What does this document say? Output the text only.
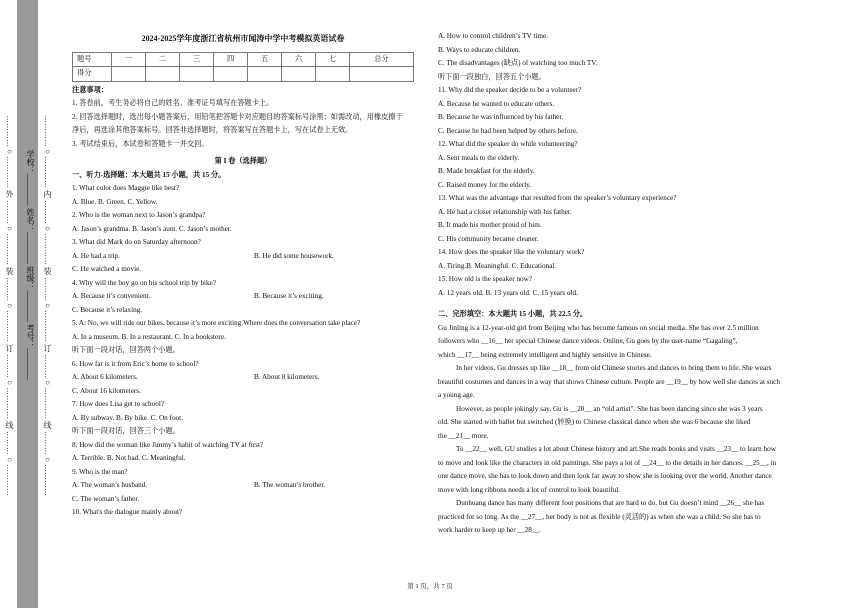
…………○………… 外 ………○………… 装 ………○………… 订 ………○………… 线 ………○………… 学校：________ 姓名：________ 班级：________ 考号：________ …………○………… 内 ………○………… 装 ………○………… 订 ………○………… 线 ………○…………
2024-2025学年度浙江省杭州市闻涛中学中考模拟英语试卷
题号	一	二	三	四	五	六	七	总分
得分								
注意事项：
1. 答卷前，考生务必将自己的姓名、准考证号填写在答题卡上。
2. 回答选择题时，选出每小题答案后，用铅笔把答题卡对应题目的答案标号涂黑；如需改动，用橡皮擦干
净后，再选涂其他答案标号。回答非选择题时，将答案写在答题卡上，写在试卷上无效。
3. 考试结束后，本试卷和答题卡一并交回。
第 I 卷（选择题）
一、听力-选择题：本大题共 15 小题，共 15 分。
1. What color does Maggie like best?
A. Blue. B. Green. C. Yellow.
2. Who is the woman next to Jason’s grandpa?
A. Jason’s grandma. B. Jason’s aunt. C. Jason’s mother.
3. What did Mark do on Saturday afternoon?
A. He had a trip.	B. He did some housework.
C. He watched a movie.
4. Why will the boy go on his school trip by bike?
A. Because it’s convenient.	B. Because it’s exciting.
C. Because it’s relaxing.
5. A: No, we will ride our bikes, because it’s more exciting.Where does the conversation take place?
A. In a museum. B. In a restaurant. C. In a bookstore.
听下面一段对话，回答两个小题。
6. How far is it from Eric’s home to school?
A. About 6 kilometers.	B. About 8 kilometers.
C. About 16 kilometers.
7. How does Lisa get to school?
A. By subway. B. By bike. C. On foot.
听下面一段对话，回答三个小题。
8. How did the woman like Jimmy’s habit of watching TV at first?
A. Terrible. B. Not bad. C. Meaningful.
9. Who is the man?
A. The woman’s husband.	B. The woman’s brother.
C. The woman’s father.
10. What's the dialogue mainly about?
A. How to control children’s TV time.
B. Ways to educate children.
C. The disadvantages (缺点) of watching too much TV.
听下面一段独白，回答五个小题。
11. Why did the speaker decide to be a volunteer?
A. Because he wanted to educate others.
B. Because he was influenced by his father.
C. Because he had been helped by others before.
12. What did the speaker do while volunteering?
A. Sent meals to the elderly.
B. Made breakfast for the elderly.
C. Raised money for the elderly.
13. What was the advantage that resulted from the speaker’s voluntary experience?
A. He had a closer relationship with his father.
B. It made his mother proud of him.
C. His community became cleaner.
14. How does the speaker like the voluntary work?
A. Tiring.B. Meaningful. C. Educational.
15. How old is the speaker now?
A. 12 years old. B. 13 years old. C. 15 years old.
二、完形填空：本大题共 15 小题，共 22.5 分。
Gu Jinling is a 12-year-old girl from Beijing who has become famous on social media. She has over 2.5 million
followers who __16__ her special Chinese dance videos. Online, Gu goes by the user-name “Gagaling”,
which __17__ being extremely intelligent and highly sensitive in Chinese.
In her videos, Gu dresses up like __18__ from old Chinese stories and dances to bring them to life. She wears
beautiful costumes and dances in a way that shows Chinese culture. People are __19__ by how well she dances at such
a young age.
However, as people jokingly say, Gu is __20__ an “old artist”. She has been dancing since she was 3 years
old. She started with ballet but switched (转换) to Chinese classical dance when she was 6 because she liked
the __21__ more.
To __22__ well, GU studies a lot about Chinese history and art.She reads books and visits __23__ to learn how
to move and look like the characters in old paintings. She pays a lot of __24__ to the details in her dances. __25__, in
one dance move, she has to look down and then look far away to show she is looking over the world. Another dance
move with long ribbons needs a lot of control to look beautiful.
Dunhuang dance has many different foot positions that are hard to do, but Gu doesn’t mind __26__ she has
practiced for so long. As the __27__, her body is not as flexible (灵活的) as when she was a child. So she has to
work harder to keep up her __28__.
第 1 页，共 7 页
